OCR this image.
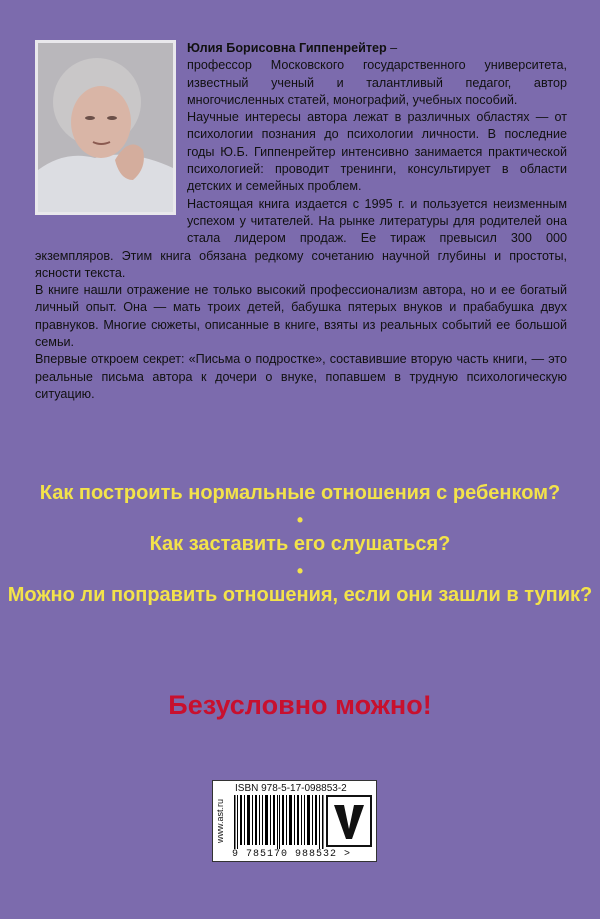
Юлия Борисовна Гиппенрейтер –

профессор Московского государственного университета, известный ученый и талантливый педагог, автор многочисленных статей, монографий, учебных пособий.

Научные интересы автора лежат в различных областях — от психологии познания до психологии личности. В последние годы Ю.Б. Гиппенрейтер интенсивно занимается практической психологией: проводит тренинги, консультирует в области детских и семейных проблем.

Настоящая книга издается с 1995 г. и пользуется неизменным успехом у читателей. На рынке литературы для родителей она стала лидером продаж. Ее тираж превысил 300 000 экземпляров. Этим книга обязана редкому сочетанию научной глубины и простоты, ясности текста.

В книге нашли отражение не только высокий профессионализм автора, но и ее богатый личный опыт. Она — мать троих детей, бабушка пятерых внуков и прабабушка двух правнуков. Многие сюжеты, описанные в книге, взяты из реальных событий ее большой семьи.

Впервые откроем секрет: «Письма о подростке», составившие вторую часть книги, — это реальные письма автора к дочери о внуке, попавшем в трудную психологическую ситуацию.

Как построить нормальные отношения с ребенком?

•

Как заставить его слушаться?

•

Можно ли поправить отношения, если они зашли в тупик?

Безусловно можно!
www.ast.ru
ISBN 978-5-17-098853-2
9 785170 988532 >
